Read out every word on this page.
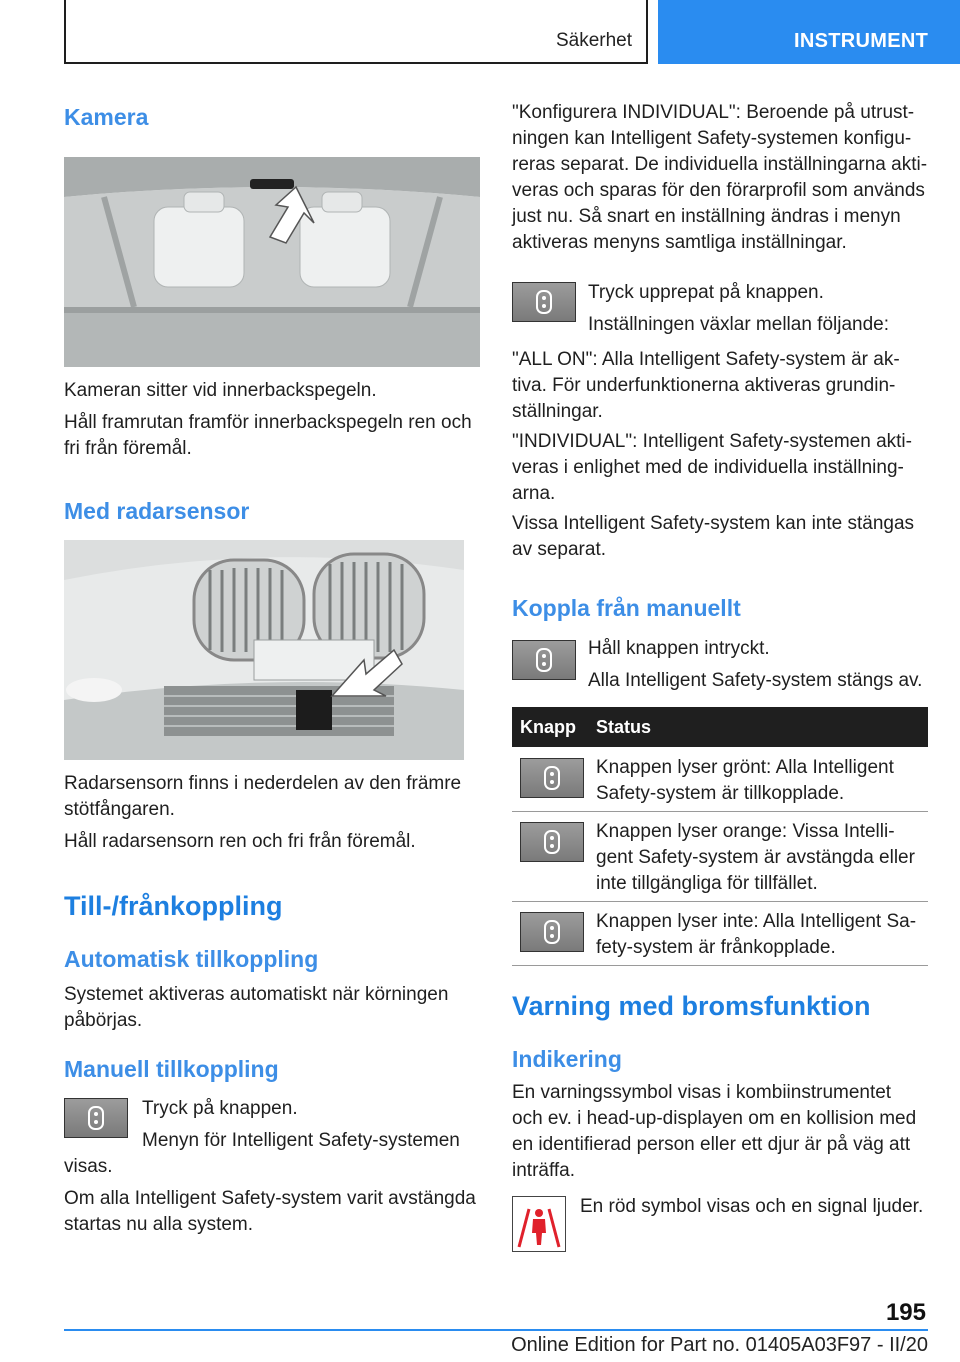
Säkerhet	INSTRUMENT
Kamera
Kameran sitter vid innerbackspegeln.
Håll framrutan framför innerbackspegeln ren och
fri från föremål.
Med radarsensor
Radarsensorn finns i nederdelen av den främre
stötfångaren.
Håll radarsensorn ren och fri från föremål.
Till-/frånkoppling
Automatisk tillkoppling
Systemet aktiveras automatiskt när körningen
påbörjas.
Manuell tillkoppling
Tryck på knappen.
Menyn för Intelligent Safety-systemen
visas.
Om alla Intelligent Safety-system varit avstängda
startas nu alla system.
"Konfigurera INDIVIDUAL": Beroende på utrust-
ningen kan Intelligent Safety-systemen konfigu-
reras separat. De individuella inställningarna akti-
veras och sparas för den förarprofil som används
just nu. Så snart en inställning ändras i menyn
aktiveras menyns samtliga inställningar.
Tryck upprepat på knappen.
Inställningen växlar mellan följande:
"ALL ON": Alla Intelligent Safety-system är ak-
tiva. För underfunktionerna aktiveras grundin-
ställningar.
"INDIVIDUAL": Intelligent Safety-systemen akti-
veras i enlighet med de individuella inställning-
arna.
Vissa Intelligent Safety-system kan inte stängas
av separat.
Koppla från manuellt
Håll knappen intryckt.
Alla Intelligent Safety-system stängs av.
Knapp Status
Knappen lyser grönt: Alla Intelligent
Safety-system är tillkopplade.
Knappen lyser orange: Vissa Intelli-
gent Safety-system är avstängda eller
inte tillgängliga för tillfället.
Knappen lyser inte: Alla Intelligent Sa-
fety-system är frånkopplade.
Varning med bromsfunktion
Indikering
En varningssymbol visas i kombiinstrumentet
och ev. i head-up-displayen om en kollision med
en identifierad person eller ett djur är på väg att
inträffa.
En röd symbol visas och en signal ljuder.
195
Online Edition for Part no. 01405A03F97 - II/20
